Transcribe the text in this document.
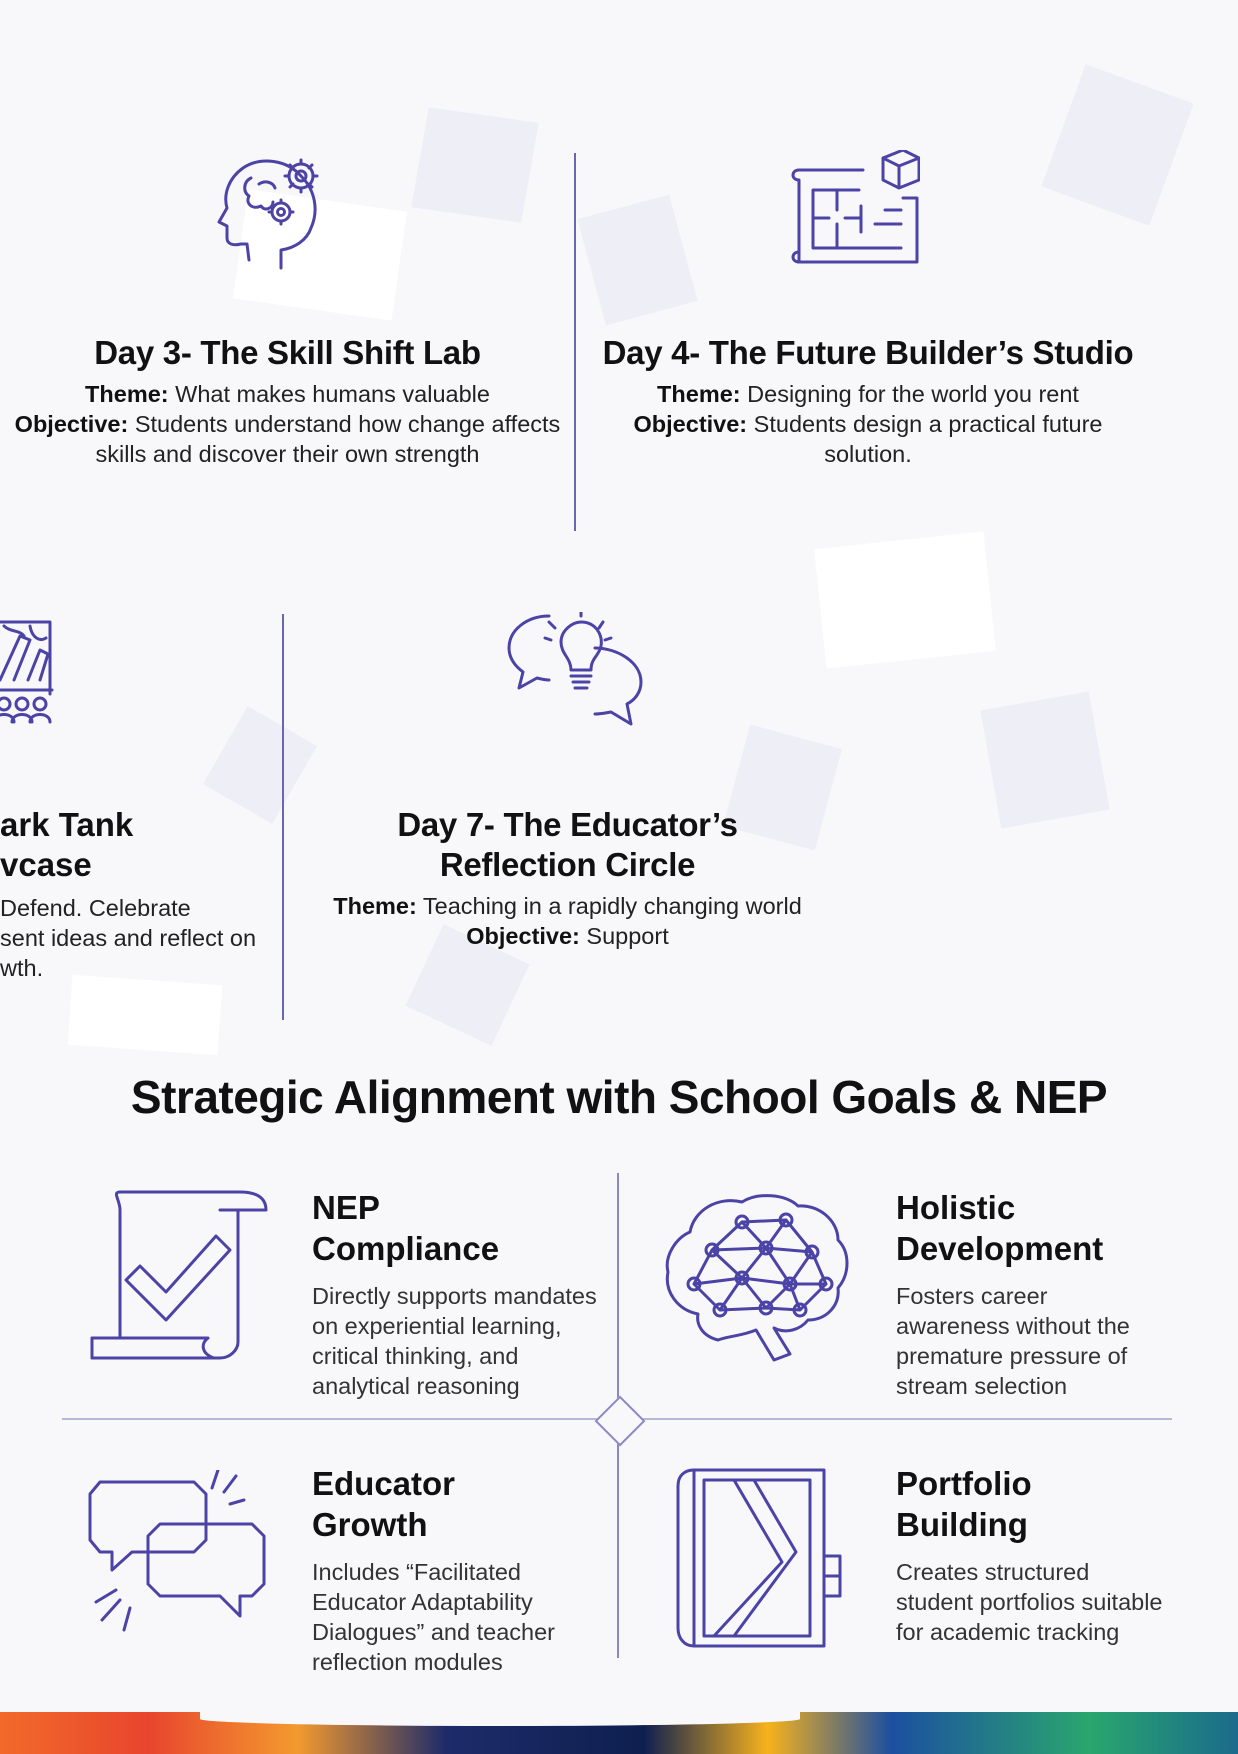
Day 3- The Skill Shift Lab

Theme: What makes humans valuable
Objective: Students understand how change affects skills and discover their own strength

Day 4- The Future Builder’s Studio

Theme: Designing for the world you rent
Objective: Students design a practical future solution.

ark Tank
vcase

Defend. Celebrate
sent ideas and reflect on
wth.

Day 7- The Educator’s Reflection Circle

Theme: Teaching in a rapidly changing world
Objective: Support

Strategic Alignment with School Goals & NEP
NEP Compliance

Directly supports mandates on experiential learning, critical thinking, and analytical reasoning

Holistic Development

Fosters career awareness without the premature pressure of stream selection

Educator Growth

Includes “Facilitated Educator Adaptability Dialogues” and teacher reflection modules

Portfolio Building

Creates structured student portfolios suitable for academic tracking
